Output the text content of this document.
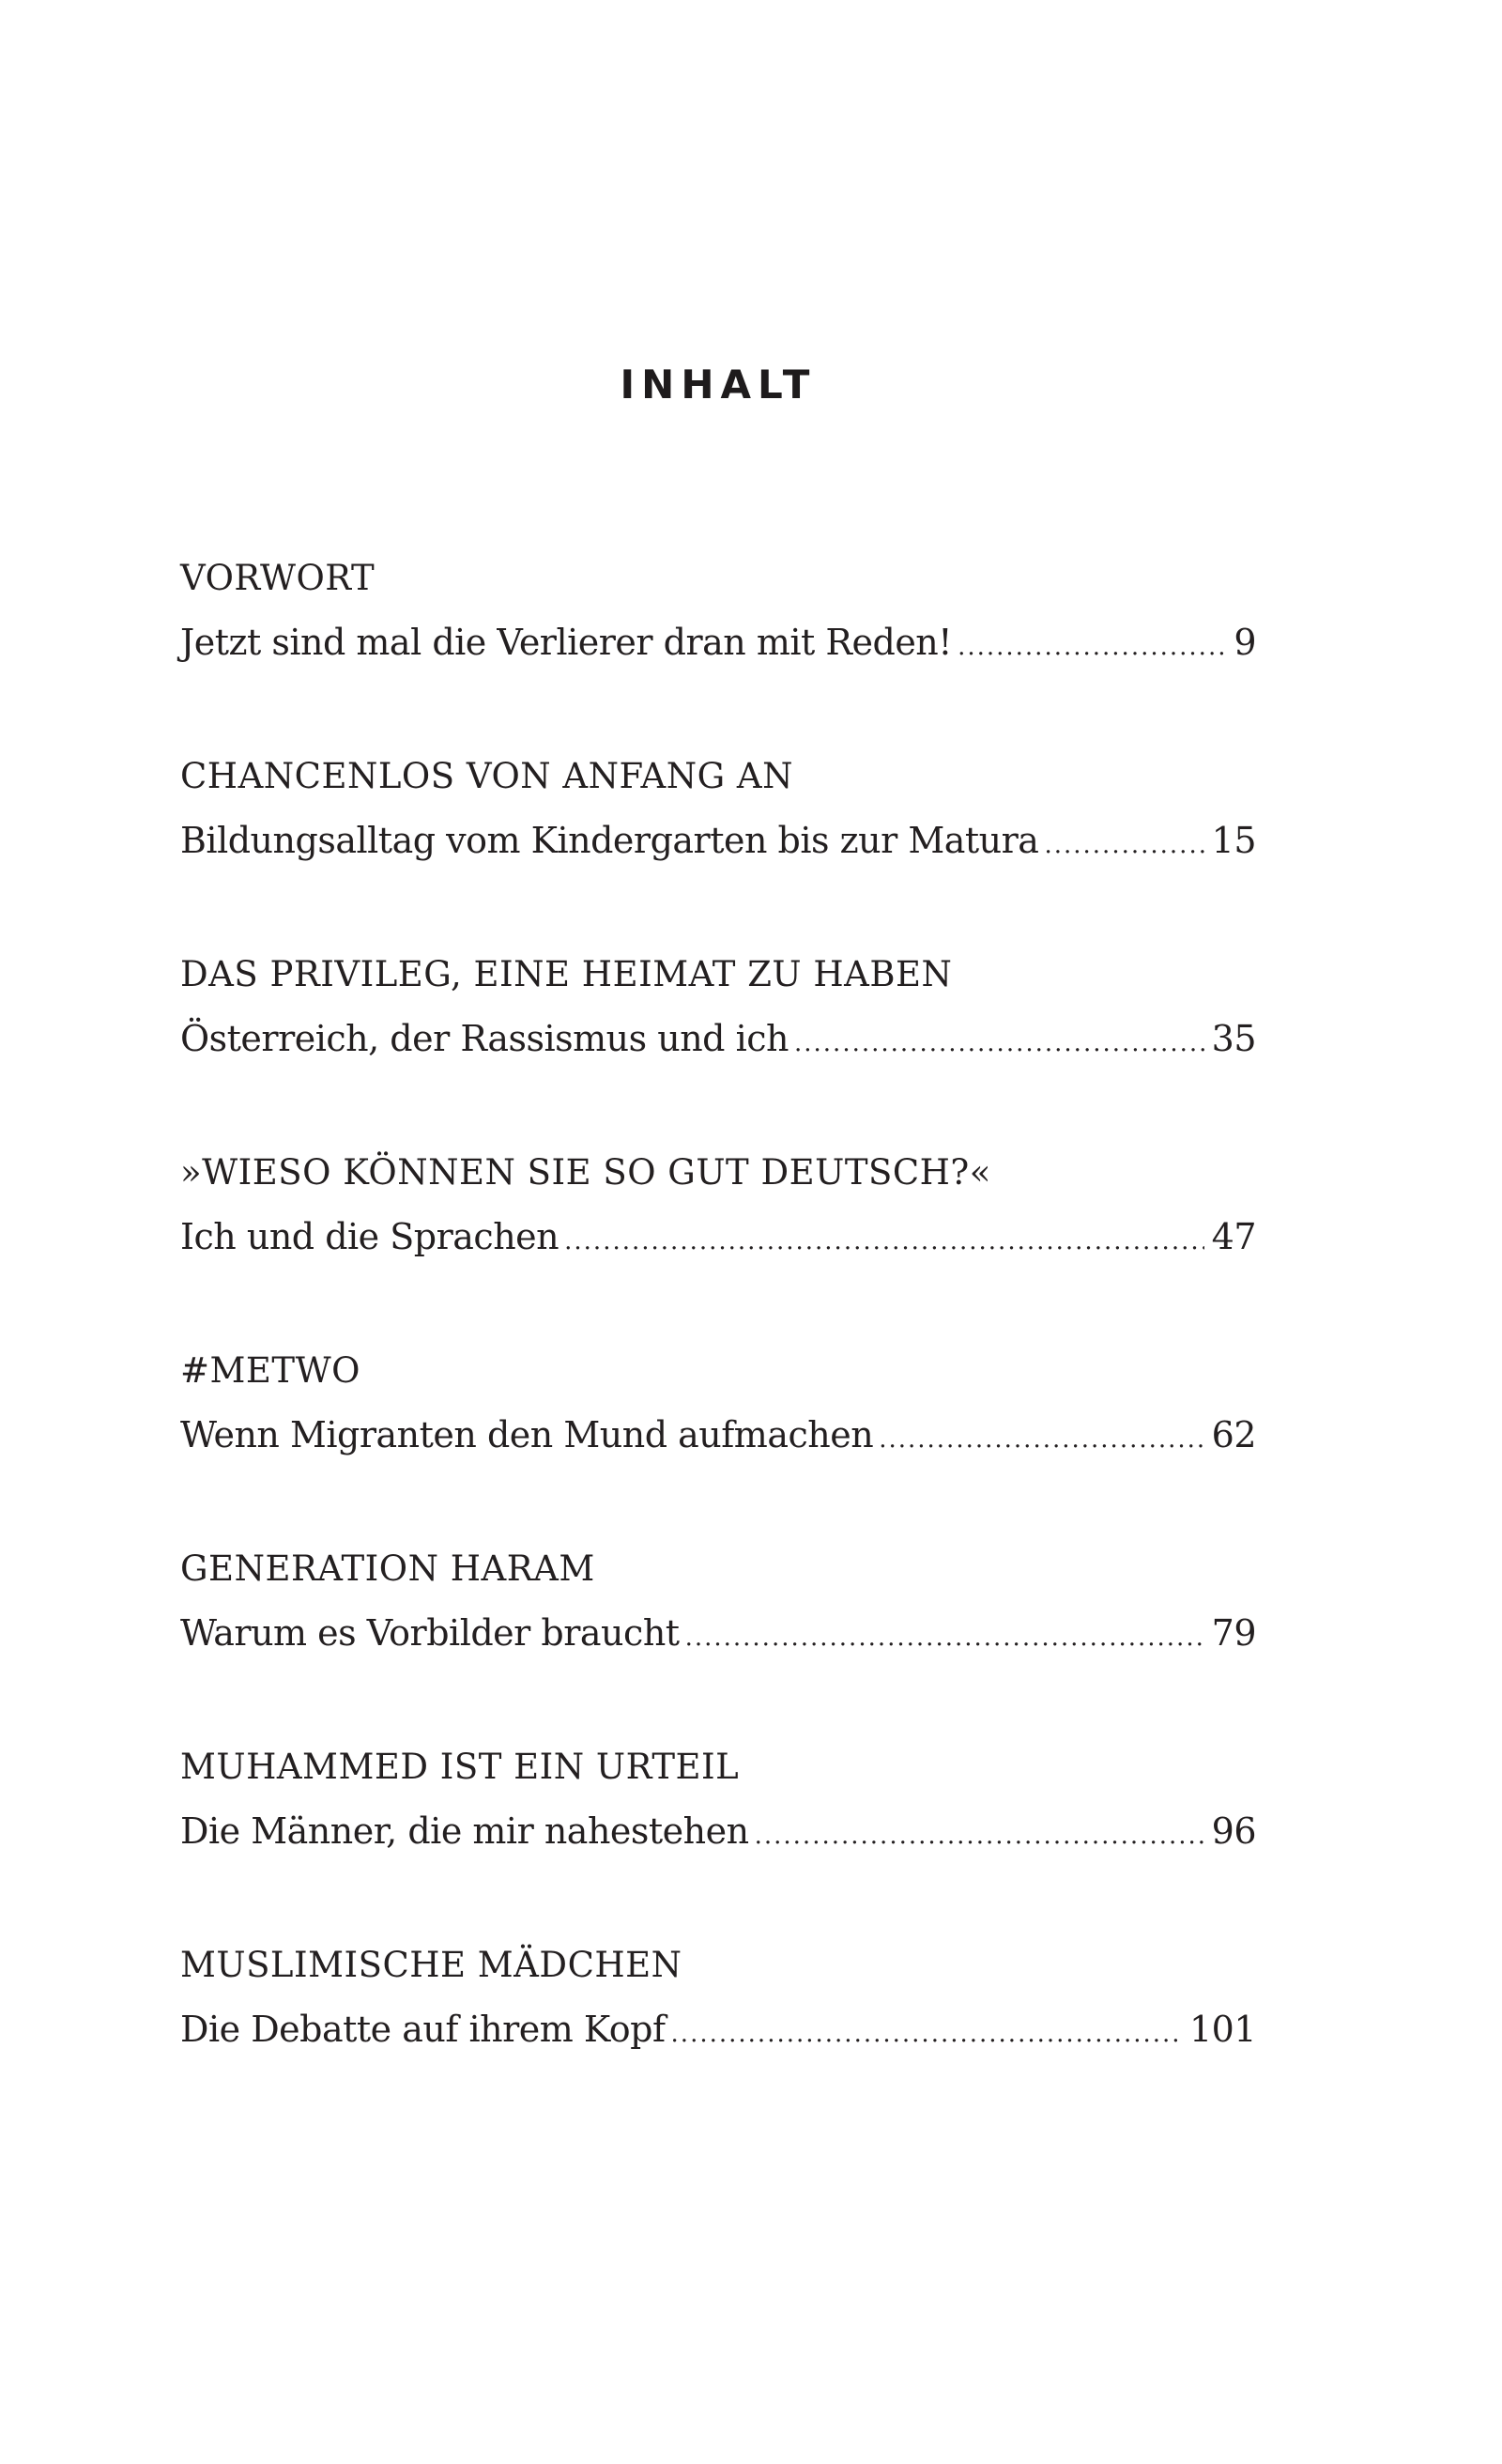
INHALT
VORWORT
Jetzt sind mal die Verlierer dran mit Reden! .....	9
CHANCENLOS VON ANFANG AN
Bildungsalltag vom Kindergarten bis zur Matura .....	15
DAS PRIVILEG, EINE HEIMAT ZU HABEN
Österreich, der Rassismus und ich .....	35
»WIESO KÖNNEN SIE SO GUT DEUTSCH?«
Ich und die Sprachen .....	47
#METWO
Wenn Migranten den Mund aufmachen .....	62
GENERATION HARAM
Warum es Vorbilder braucht .....	79
MUHAMMED IST EIN URTEIL
Die Männer, die mir nahestehen .....	96
MUSLIMISCHE MÄDCHEN
Die Debatte auf ihrem Kopf .....	101
